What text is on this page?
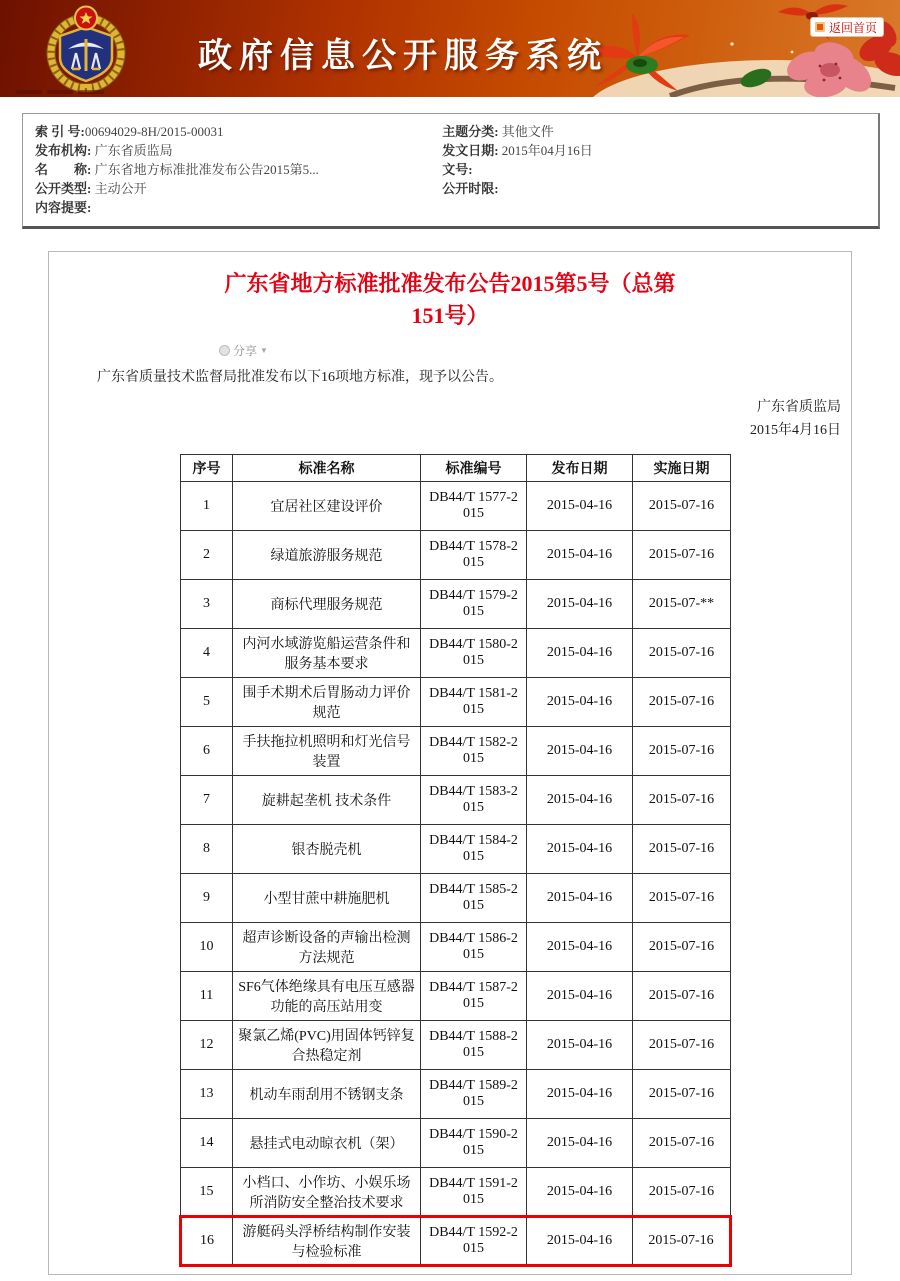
政府信息公开服务系统
返回首页
索 引 号:00694029-8H/2015-00031
发布机构: 广东省质监局
名　　称: 广东省地方标准批准发布公告2015第5...
公开类型: 主动公开
内容提要:
主题分类: 其他文件
发文日期: 2015年04月16日
文号:
公开时限:
广东省地方标准批准发布公告2015第5号（总第151号）
分享 ▼
广东省质量技术监督局批准发布以下16项地方标准，现予以公告。
广东省质监局
2015年4月16日
序号	标准名称	标准编号	发布日期	实施日期
1	宜居社区建设评价	DB44/T 1577-2015	2015-04-16	2015-07-16
2	绿道旅游服务规范	DB44/T 1578-2015	2015-04-16	2015-07-16
3	商标代理服务规范	DB44/T 1579-2015	2015-04-16	2015-07-**
4	内河水域游览船运营条件和服务基本要求	DB44/T 1580-2015	2015-04-16	2015-07-16
5	围手术期术后胃肠动力评价规范	DB44/T 1581-2015	2015-04-16	2015-07-16
6	手扶拖拉机照明和灯光信号装置	DB44/T 1582-2015	2015-04-16	2015-07-16
7	旋耕起垄机 技术条件	DB44/T 1583-2015	2015-04-16	2015-07-16
8	银杏脱壳机	DB44/T 1584-2015	2015-04-16	2015-07-16
9	小型甘蔗中耕施肥机	DB44/T 1585-2015	2015-04-16	2015-07-16
10	超声诊断设备的声输出检测方法规范	DB44/T 1586-2015	2015-04-16	2015-07-16
11	SF6气体绝缘具有电压互感器功能的高压站用变	DB44/T 1587-2015	2015-04-16	2015-07-16
12	聚氯乙烯(PVC)用固体钙锌复合热稳定剂	DB44/T 1588-2015	2015-04-16	2015-07-16
13	机动车雨刮用不锈钢支条	DB44/T 1589-2015	2015-04-16	2015-07-16
14	悬挂式电动晾衣机（架）	DB44/T 1590-2015	2015-04-16	2015-07-16
15	小档口、小作坊、小娱乐场所消防安全整治技术要求	DB44/T 1591-2015	2015-04-16	2015-07-16
16	游艇码头浮桥结构制作安装与检验标准	DB44/T 1592-2015	2015-04-16	2015-07-16
